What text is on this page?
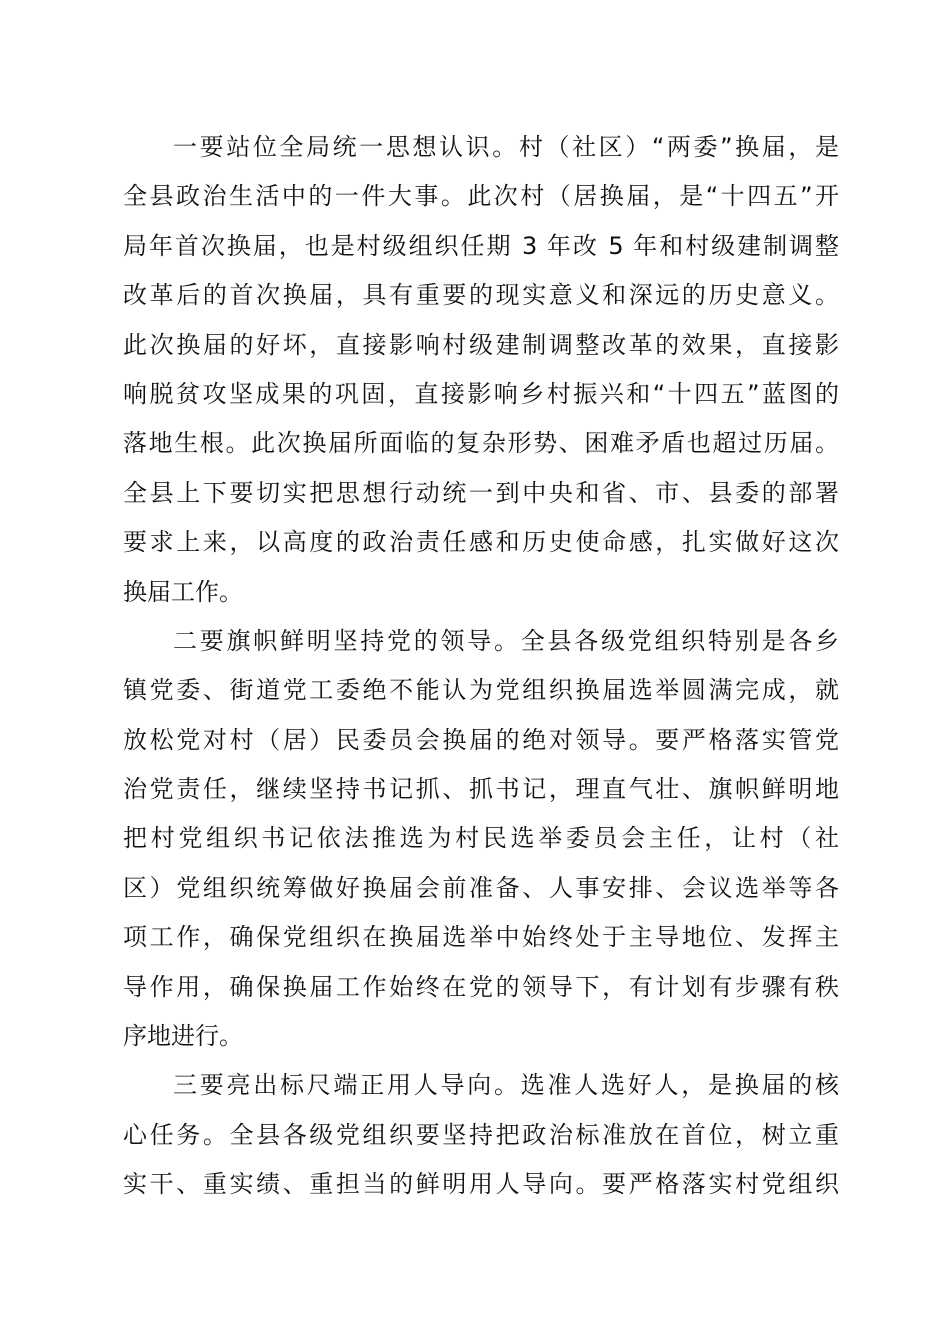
一要站位全局统一思想认识。村（社区）“两委”换届，是
全县政治生活中的一件大事。此次村（居换届，是“十四五”开
局年首次换届，也是村级组织任期 3 年改 5 年和村级建制调整
改革后的首次换届，具有重要的现实意义和深远的历史意义。
此次换届的好坏，直接影响村级建制调整改革的效果，直接影
响脱贫攻坚成果的巩固，直接影响乡村振兴和“十四五”蓝图的
落地生根。此次换届所面临的复杂形势、困难矛盾也超过历届。
全县上下要切实把思想行动统一到中央和省、市、县委的部署
要求上来，以高度的政治责任感和历史使命感，扎实做好这次
换届工作。
二要旗帜鲜明坚持党的领导。全县各级党组织特别是各乡
镇党委、街道党工委绝不能认为党组织换届选举圆满完成，就
放松党对村（居）民委员会换届的绝对领导。要严格落实管党
治党责任，继续坚持书记抓、抓书记，理直气壮、旗帜鲜明地
把村党组织书记依法推选为村民选举委员会主任，让村（社
区）党组织统筹做好换届会前准备、人事安排、会议选举等各
项工作，确保党组织在换届选举中始终处于主导地位、发挥主
导作用，确保换届工作始终在党的领导下，有计划有步骤有秩
序地进行。
三要亮出标尺端正用人导向。选准人选好人，是换届的核
心任务。全县各级党组织要坚持把政治标准放在首位，树立重
实干、重实绩、重担当的鲜明用人导向。要严格落实村党组织
